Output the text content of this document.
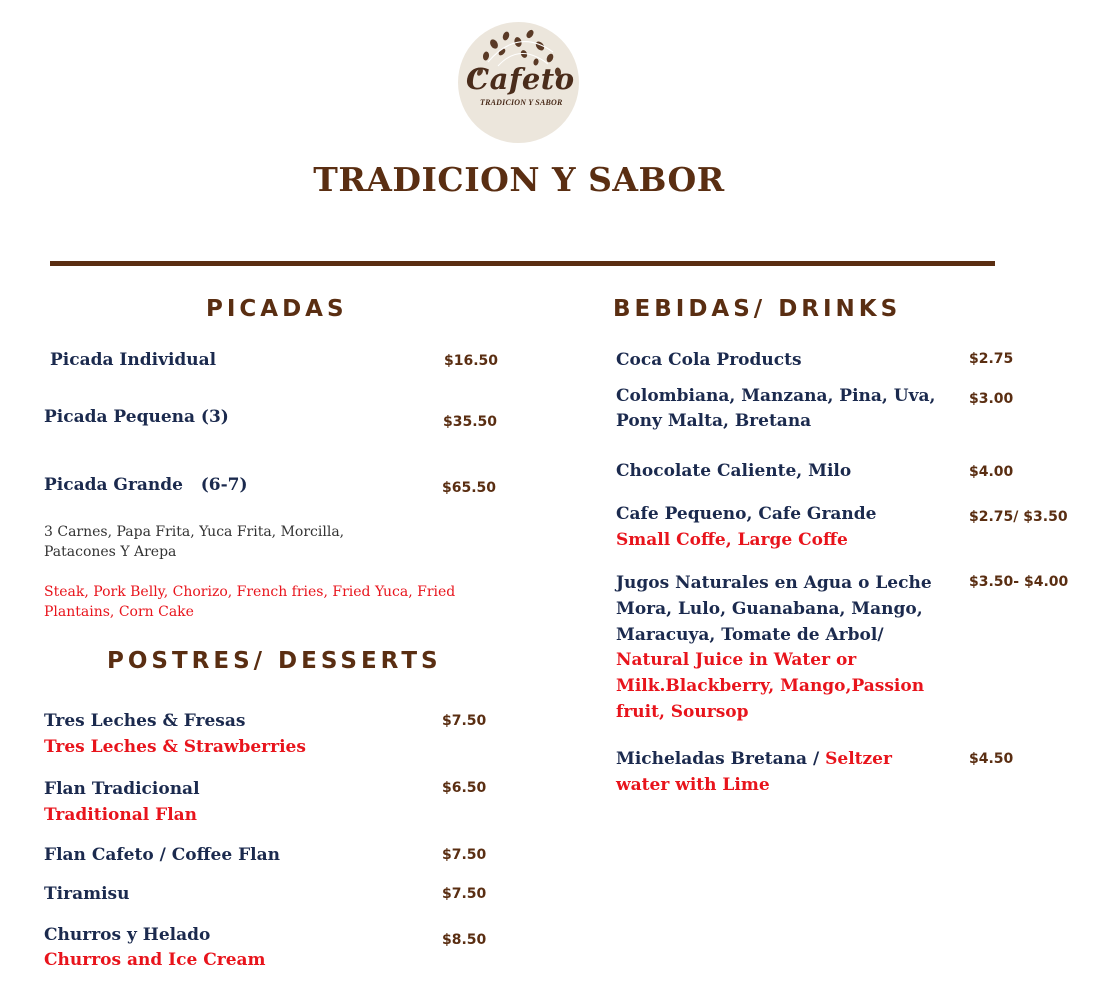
Cafeto
TRADICION Y SABOR
TRADICION Y SABOR
PICADAS
Picada Individual	$16.50
Picada Pequena (3)	$35.50
Picada Grande   (6-7)	$65.50
3 Carnes, Papa Frita, Yuca Frita, Morcilla,
Patacones Y Arepa
Steak, Pork Belly, Chorizo, French fries, Fried Yuca, Fried
Plantains, Corn Cake
POSTRES/ DESSERTS
Tres Leches & Fresas
Tres Leches & Strawberries
$7.50
Flan Tradicional
Traditional Flan
$6.50
Flan Cafeto / Coffee Flan	$7.50
Tiramisu	$7.50
Churros y Helado
Churros and Ice Cream
$8.50
BEBIDAS/ DRINKS
Coca Cola Products	$2.75
Colombiana, Manzana, Pina, Uva,
Pony Malta, Bretana
$3.00
Chocolate Caliente, Milo	$4.00
Cafe Pequeno, Cafe Grande
Small Coffe, Large Coffe
$2.75/ $3.50
Jugos Naturales en Agua o Leche
Mora, Lulo, Guanabana, Mango,
Maracuya, Tomate de Arbol/
Natural Juice in Water or
Milk.Blackberry, Mango,Passion
fruit, Soursop
$3.50- $4.00
Micheladas Bretana / Seltzer
water with Lime
$4.50
